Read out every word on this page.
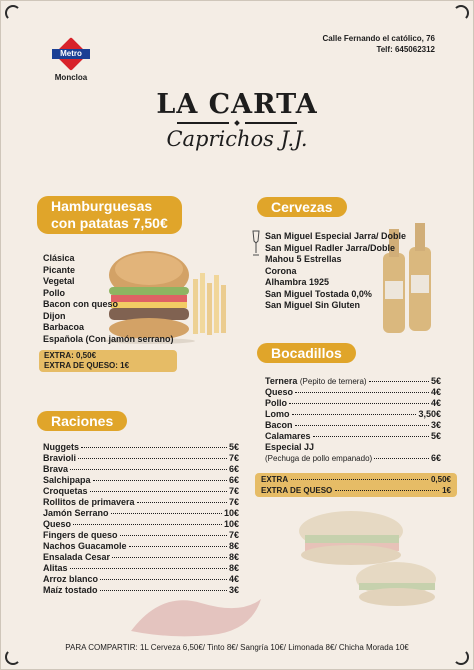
Metro
Moncloa
Calle Fernando el católico, 76
Telf: 645062312
LA CARTA
Caprichos J.J.
Hamburguesas
con patatas 7,50€
Clásica
Picante
Vegetal
Pollo
Bacon con queso
Dijon
Barbacoa
Española (Con jamón serrano)
EXTRA: 0,50€
EXTRA DE QUESO: 1€
Cervezas
San Miguel Especial Jarra/ Doble
San Miguel Radler Jarra/Doble
Mahou 5 Estrellas
Corona
Alhambra 1925
San Miguel Tostada 0,0%
San Miguel Sin Gluten
Bocadillos
Ternera (Pepito de ternera)	5€
Queso	4€
Pollo	4€
Lomo	3,50€
Bacon	3€
Calamares	5€
Especial JJ
(Pechuga de pollo empanado)	6€
EXTRA	0,50€
EXTRA DE QUESO	1€
Raciones
Nuggets	5€
Bravioli	7€
Brava	6€
Salchipapa	6€
Croquetas	7€
Rollitos de primavera	7€
Jamón Serrano	10€
Queso	10€
Fingers de queso	7€
Nachos Guacamole	8€
Ensalada Cesar	8€
Alitas	8€
Arroz blanco	4€
Maíz tostado	3€
PARA COMPARTIR: 1L Cerveza 6,50€/ Tinto 8€/ Sangría 10€/ Limonada 8€/ Chicha Morada 10€
